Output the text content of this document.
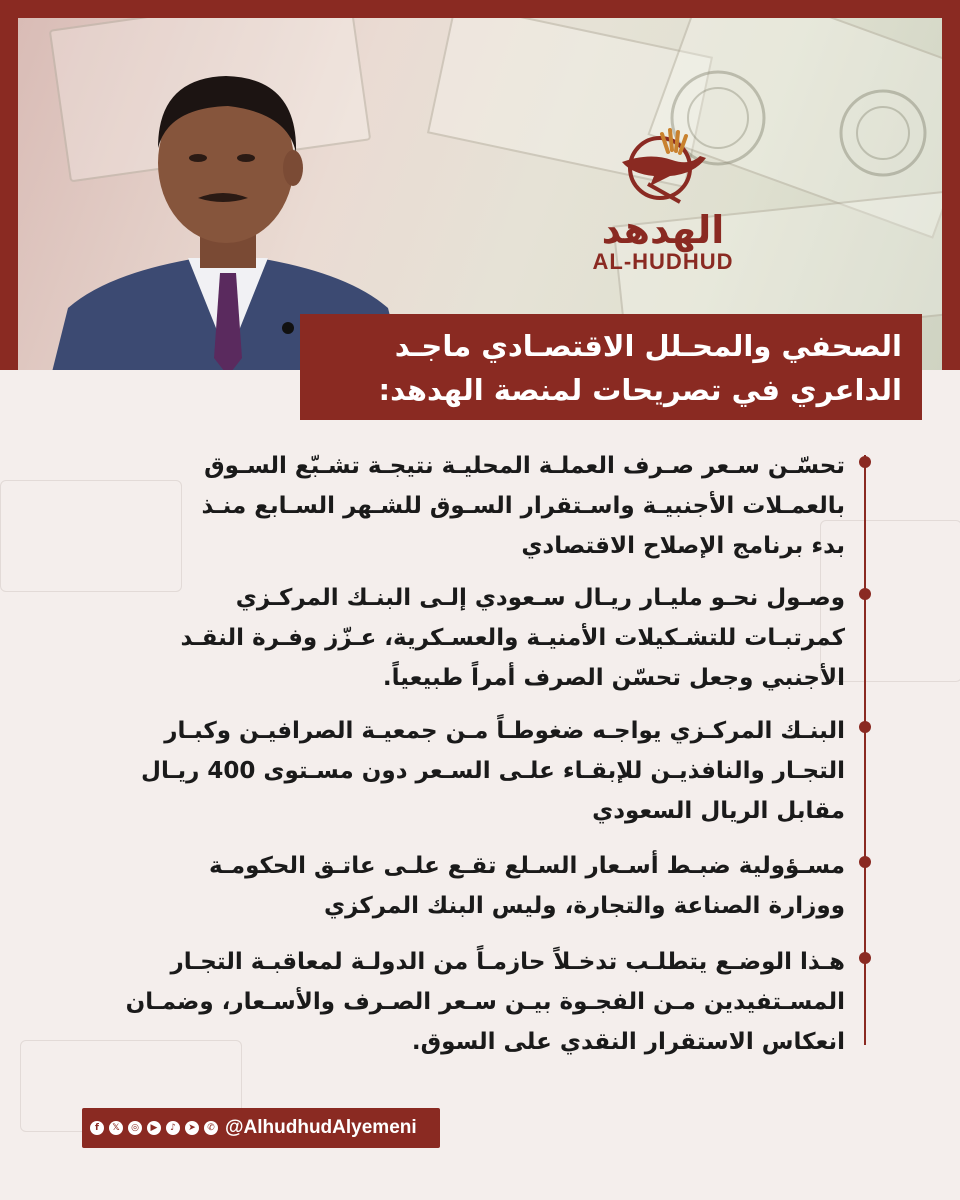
الهدهد
AL-HUDHUD
الصحفي والمحـلل الاقتصـادي ماجـد
الداعري في تصريحات لمنصة الهدهد:
تحسّـن سـعر صـرف العملـة المحليـة نتيجـة تشـبّع السـوق
بالعمـلات الأجنبيـة واسـتقرار السـوق للشـهر السـابع منـذ
بدء برنامج الإصلاح الاقتصادي
وصـول نحـو مليـار ريـال سـعودي إلـى البنـك المركـزي
كمرتبـات للتشـكيلات الأمنيـة والعسـكرية، عـزّز وفـرة النقـد
الأجنبي وجعل تحسّن الصرف أمراً طبيعياً.
البنـك المركـزي يواجـه ضغوطـاً مـن جمعيـة الصرافيـن وكبـار
التجـار والنافذيـن للإبقـاء علـى السـعر دون مسـتوى 400 ريـال
مقابل الريال السعودي
مسـؤولية ضبـط أسـعار السـلع تقـع علـى عاتـق الحكومـة
ووزارة الصناعة والتجارة، وليس البنك المركزي
هـذا الوضـع يتطلـب تدخـلاً حازمـاً من الدولـة لمعاقبـة التجـار
المسـتفيدين مـن الفجـوة بيـن سـعر الصـرف والأسـعار، وضمـان
انعكاس الاستقرار النقدي على السوق.
f	𝕏	◎	▶	♪	➤	✆ @AlhudhudAlyemeni
